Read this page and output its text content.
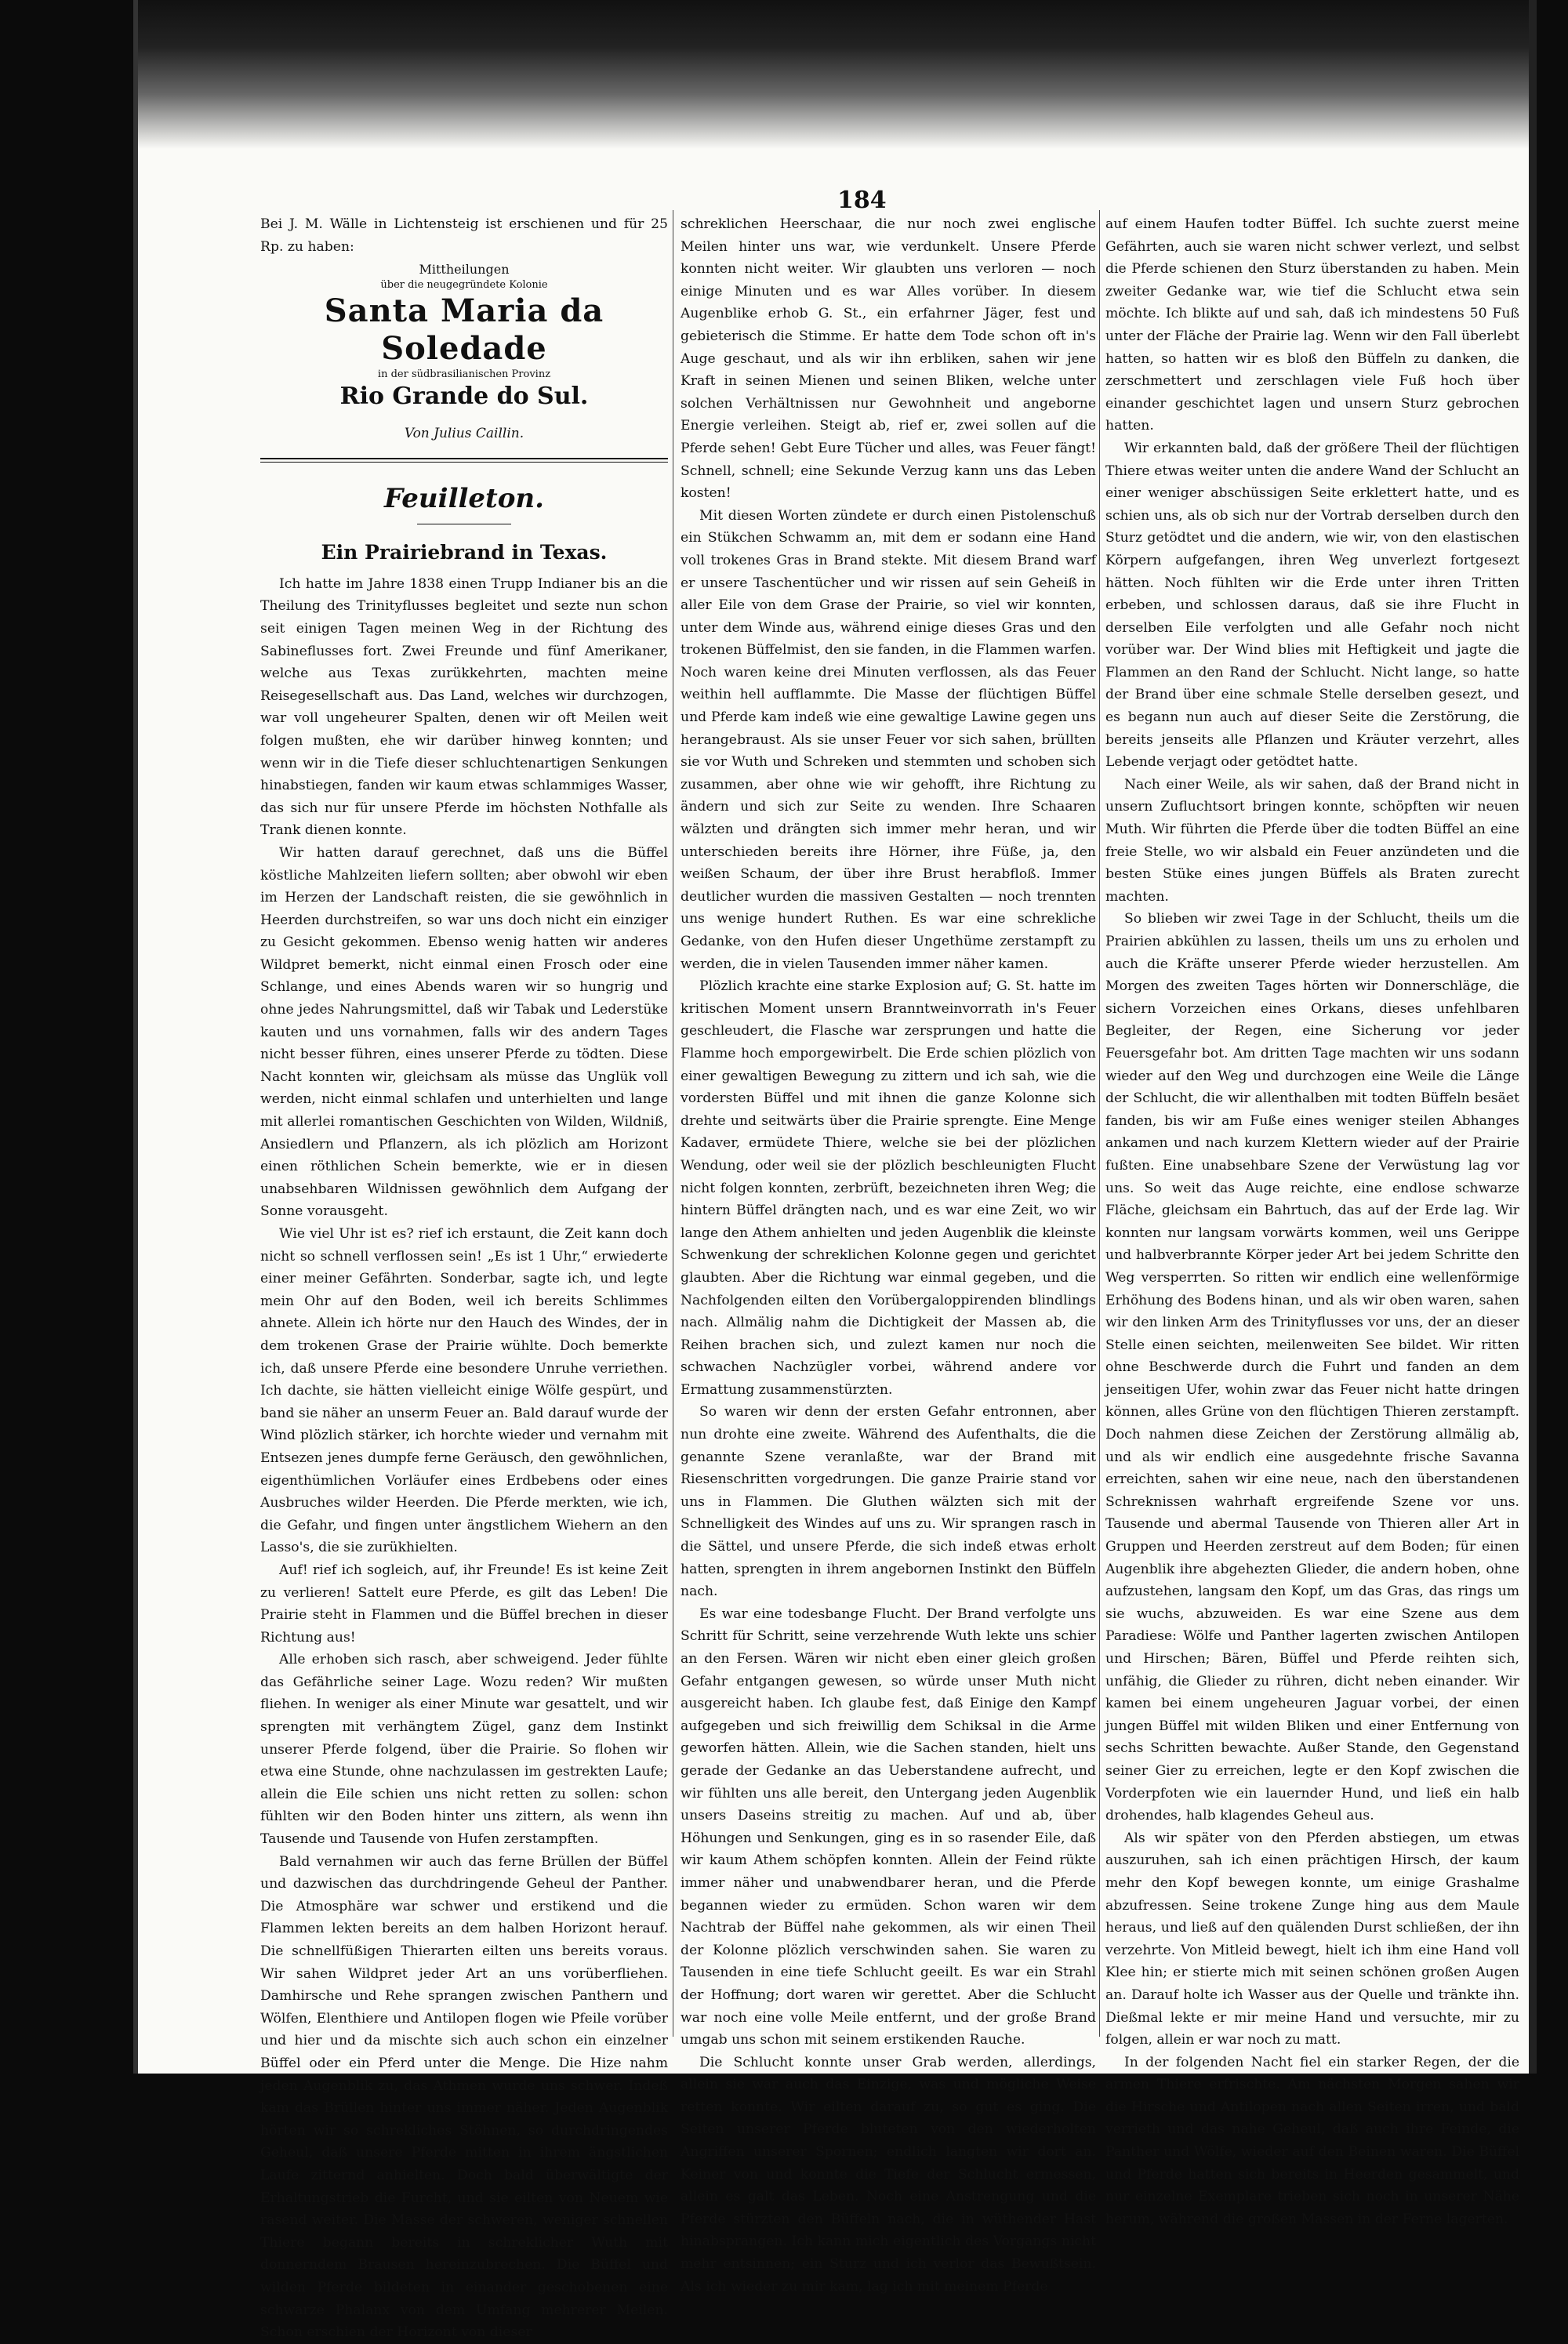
184

Bei J. M. Wälle in Lichtensteig ist erschienen und für 25 Rp. zu haben:

Mittheilungen
über die neugegründete Kolonie
Santa Maria da Soledade
in der südbrasilianischen Provinz
Rio Grande do Sul.
Von Julius Caillin.
Feuilleton.
Ein Prairiebrand in Texas.

Ich hatte im Jahre 1838 einen Trupp Indianer bis an die Theilung des Trinityflusses begleitet und sezte nun schon seit einigen Tagen meinen Weg in der Richtung des Sabineflusses fort. Zwei Freunde und fünf Amerikaner, welche aus Texas zurükkehrten, machten meine Reisegesellschaft aus. Das Land, welches wir durchzogen, war voll ungeheurer Spalten, denen wir oft Meilen weit folgen mußten, ehe wir darüber hinweg konnten; und wenn wir in die Tiefe dieser schluchtenartigen Senkungen hinabstiegen, fanden wir kaum etwas schlammiges Wasser, das sich nur für unsere Pferde im höchsten Nothfalle als Trank dienen konnte.

Wir hatten darauf gerechnet, daß uns die Büffel köstliche Mahlzeiten liefern sollten; aber obwohl wir eben im Herzen der Landschaft reisten, die sie gewöhnlich in Heerden durchstreifen, so war uns doch nicht ein einziger zu Gesicht gekommen. Ebenso wenig hatten wir anderes Wildpret bemerkt, nicht einmal einen Frosch oder eine Schlange, und eines Abends waren wir so hungrig und ohne jedes Nahrungsmittel, daß wir Tabak und Lederstüke kauten und uns vornahmen, falls wir des andern Tages nicht besser führen, eines unserer Pferde zu tödten. Diese Nacht konnten wir, gleichsam als müsse das Unglük voll werden, nicht einmal schlafen und unterhielten und lange mit allerlei romantischen Geschichten von Wilden, Wildniß, Ansiedlern und Pflanzern, als ich plözlich am Horizont einen röthlichen Schein bemerkte, wie er in diesen unabsehbaren Wildnissen gewöhnlich dem Aufgang der Sonne vorausgeht.

Wie viel Uhr ist es? rief ich erstaunt, die Zeit kann doch nicht so schnell verflossen sein! „Es ist 1 Uhr,“ erwiederte einer meiner Gefährten. Sonderbar, sagte ich, und legte mein Ohr auf den Boden, weil ich bereits Schlimmes ahnete. Allein ich hörte nur den Hauch des Windes, der in dem trokenen Grase der Prairie wühlte. Doch bemerkte ich, daß unsere Pferde eine besondere Unruhe verriethen. Ich dachte, sie hätten vielleicht einige Wölfe gespürt, und band sie näher an unserm Feuer an. Bald darauf wurde der Wind plözlich stärker, ich horchte wieder und vernahm mit Entsezen jenes dumpfe ferne Geräusch, den gewöhnlichen, eigenthümlichen Vorläufer eines Erdbebens oder eines Ausbruches wilder Heerden. Die Pferde merkten, wie ich, die Gefahr, und fingen unter ängstlichem Wiehern an den Lasso's, die sie zurükhielten.

Auf! rief ich sogleich, auf, ihr Freunde! Es ist keine Zeit zu verlieren! Sattelt eure Pferde, es gilt das Leben! Die Prairie steht in Flammen und die Büffel brechen in dieser Richtung aus!

Alle erhoben sich rasch, aber schweigend. Jeder fühlte das Gefährliche seiner Lage. Wozu reden? Wir mußten fliehen. In weniger als einer Minute war gesattelt, und wir sprengten mit verhängtem Zügel, ganz dem Instinkt unserer Pferde folgend, über die Prairie. So flohen wir etwa eine Stunde, ohne nachzulassen im gestrekten Laufe; allein die Eile schien uns nicht retten zu sollen: schon fühlten wir den Boden hinter uns zittern, als wenn ihn Tausende und Tausende von Hufen zerstampften.

Bald vernahmen wir auch das ferne Brüllen der Büffel und dazwischen das durchdringende Geheul der Panther. Die Atmosphäre war schwer und erstikend und die Flammen lekten bereits an dem halben Horizont herauf. Die schnellfüßigen Thierarten eilten uns bereits voraus. Wir sahen Wildpret jeder Art an uns vorüberfliehen. Damhirsche und Rehe sprangen zwischen Panthern und Wölfen, Elenthiere und Antilopen flogen wie Pfeile vorüber und hier und da mischte sich auch schon ein einzelner Büffel oder ein Pferd unter die Menge. Die Hize nahm jeden Augenblik zu, das Athmen wurde uns schwer. Indeß kam das Brüllen hinter uns immer näher. Jeden Augenblik hörten wir so schrekliches Stöhnen, so durchdringendes Geheul, daß unsere Pferde mitten in ihrem ängstlichen Laufe zitternd anhielten. Doch bald überwältigte der Erhaltungstrieb die Furcht, und sie eilten von Neuem wie rasend weiter. Die Masse der schweren, weniger schnellen Thiere begann bereits in schreklicher Wuth mit donnerndem Brausen hereinzubrechen. Die Büffel und wilden Pferde bildeten in einander geschobenen eine schwarze Phalanx von dem Umfang mehrerer Meilen. Schon erschien der Horizont von dieser

schreklichen Heerschaar, die nur noch zwei englische Meilen hinter uns war, wie verdunkelt. Unsere Pferde konnten nicht weiter. Wir glaubten uns verloren — noch einige Minuten und es war Alles vorüber. In diesem Augenblike erhob G. St., ein erfahrner Jäger, fest und gebieterisch die Stimme. Er hatte dem Tode schon oft in's Auge geschaut, und als wir ihn erbliken, sahen wir jene Kraft in seinen Mienen und seinen Bliken, welche unter solchen Verhältnissen nur Gewohnheit und angeborne Energie verleihen. Steigt ab, rief er, zwei sollen auf die Pferde sehen! Gebt Eure Tücher und alles, was Feuer fängt! Schnell, schnell; eine Sekunde Verzug kann uns das Leben kosten!

Mit diesen Worten zündete er durch einen Pistolenschuß ein Stükchen Schwamm an, mit dem er sodann eine Hand voll trokenes Gras in Brand stekte. Mit diesem Brand warf er unsere Taschentücher und wir rissen auf sein Geheiß in aller Eile von dem Grase der Prairie, so viel wir konnten, unter dem Winde aus, während einige dieses Gras und den trokenen Büffelmist, den sie fanden, in die Flammen warfen. Noch waren keine drei Minuten verflossen, als das Feuer weithin hell aufflammte. Die Masse der flüchtigen Büffel und Pferde kam indeß wie eine gewaltige Lawine gegen uns herangebraust. Als sie unser Feuer vor sich sahen, brüllten sie vor Wuth und Schreken und stemmten und schoben sich zusammen, aber ohne wie wir gehofft, ihre Richtung zu ändern und sich zur Seite zu wenden. Ihre Schaaren wälzten und drängten sich immer mehr heran, und wir unterschieden bereits ihre Hörner, ihre Füße, ja, den weißen Schaum, der über ihre Brust herabfloß. Immer deutlicher wurden die massiven Gestalten — noch trennten uns wenige hundert Ruthen. Es war eine schrekliche Gedanke, von den Hufen dieser Ungethüme zerstampft zu werden, die in vielen Tausenden immer näher kamen.

Plözlich krachte eine starke Explosion auf; G. St. hatte im kritischen Moment unsern Branntweinvorrath in's Feuer geschleudert, die Flasche war zersprungen und hatte die Flamme hoch emporgewirbelt. Die Erde schien plözlich von einer gewaltigen Bewegung zu zittern und ich sah, wie die vordersten Büffel und mit ihnen die ganze Kolonne sich drehte und seitwärts über die Prairie sprengte. Eine Menge Kadaver, ermüdete Thiere, welche sie bei der plözlichen Wendung, oder weil sie der plözlich beschleunigten Flucht nicht folgen konnten, zerbrüft, bezeichneten ihren Weg; die hintern Büffel drängten nach, und es war eine Zeit, wo wir lange den Athem anhielten und jeden Augenblik die kleinste Schwenkung der schreklichen Kolonne gegen und gerichtet glaubten. Aber die Richtung war einmal gegeben, und die Nachfolgenden eilten den Vorübergaloppirenden blindlings nach. Allmälig nahm die Dichtigkeit der Massen ab, die Reihen brachen sich, und zulezt kamen nur noch die schwachen Nachzügler vorbei, während andere vor Ermattung zusammenstürzten.

So waren wir denn der ersten Gefahr entronnen, aber nun drohte eine zweite. Während des Aufenthalts, die die genannte Szene veranlaßte, war der Brand mit Riesenschritten vorgedrungen. Die ganze Prairie stand vor uns in Flammen. Die Gluthen wälzten sich mit der Schnelligkeit des Windes auf uns zu. Wir sprangen rasch in die Sättel, und unsere Pferde, die sich indeß etwas erholt hatten, sprengten in ihrem angebornen Instinkt den Büffeln nach.

Es war eine todesbange Flucht. Der Brand verfolgte uns Schritt für Schritt, seine verzehrende Wuth lekte uns schier an den Fersen. Wären wir nicht eben einer gleich großen Gefahr entgangen gewesen, so würde unser Muth nicht ausgereicht haben. Ich glaube fest, daß Einige den Kampf aufgegeben und sich freiwillig dem Schiksal in die Arme geworfen hätten. Allein, wie die Sachen standen, hielt uns gerade der Gedanke an das Ueberstandene aufrecht, und wir fühlten uns alle bereit, den Untergang jeden Augenblik unsers Daseins streitig zu machen. Auf und ab, über Höhungen und Senkungen, ging es in so rasender Eile, daß wir kaum Athem schöpfen konnten. Allein der Feind rükte immer näher und unabwendbarer heran, und die Pferde begannen wieder zu ermüden. Schon waren wir dem Nachtrab der Büffel nahe gekommen, als wir einen Theil der Kolonne plözlich verschwinden sahen. Sie waren zu Tausenden in eine tiefe Schlucht geeilt. Es war ein Strahl der Hoffnung; dort waren wir gerettet. Aber die Schlucht war noch eine volle Meile entfernt, und der große Brand umgab uns schon mit seinem erstikenden Rauche.

Die Schlucht konnte unser Grab werden, allerdings, allein sie war auch das Einzige, was und mögliche Weise retten konnte. Wir eilten darauf zu, so gut es ging. Die Seiten unserer Pferde bluteten von den wiederholten Angriffen unserer Spornen; endlich langten wir dort an. Keiner von und konnte die Tiefe der Schlucht ermessen, allein es galt das Leben. Noch eine Anstrengung und die Pferde stürzten den Büffeln nach, die in wüthender Hast hinabsprangen. Ich kann mich eigentlich des Vorgangs nicht mehr entsinnen; ein Sturz und ich verlor das Bewußtsein. Als ich wieder zu mir kam, lag ich mit meinem Pferde

auf einem Haufen todter Büffel. Ich suchte zuerst meine Gefährten, auch sie waren nicht schwer verlezt, und selbst die Pferde schienen den Sturz überstanden zu haben. Mein zweiter Gedanke war, wie tief die Schlucht etwa sein möchte. Ich blikte auf und sah, daß ich mindestens 50 Fuß unter der Fläche der Prairie lag. Wenn wir den Fall überlebt hatten, so hatten wir es bloß den Büffeln zu danken, die zerschmettert und zerschlagen viele Fuß hoch über einander geschichtet lagen und unsern Sturz gebrochen hatten.

Wir erkannten bald, daß der größere Theil der flüchtigen Thiere etwas weiter unten die andere Wand der Schlucht an einer weniger abschüssigen Seite erklettert hatte, und es schien uns, als ob sich nur der Vortrab derselben durch den Sturz getödtet und die andern, wie wir, von den elastischen Körpern aufgefangen, ihren Weg unverlezt fortgesezt hätten. Noch fühlten wir die Erde unter ihren Tritten erbeben, und schlossen daraus, daß sie ihre Flucht in derselben Eile verfolgten und alle Gefahr noch nicht vorüber war. Der Wind blies mit Heftigkeit und jagte die Flammen an den Rand der Schlucht. Nicht lange, so hatte der Brand über eine schmale Stelle derselben gesezt, und es begann nun auch auf dieser Seite die Zerstörung, die bereits jenseits alle Pflanzen und Kräuter verzehrt, alles Lebende verjagt oder getödtet hatte.

Nach einer Weile, als wir sahen, daß der Brand nicht in unsern Zufluchtsort bringen konnte, schöpften wir neuen Muth. Wir führten die Pferde über die todten Büffel an eine freie Stelle, wo wir alsbald ein Feuer anzündeten und die besten Stüke eines jungen Büffels als Braten zurecht machten.

So blieben wir zwei Tage in der Schlucht, theils um die Prairien abkühlen zu lassen, theils um uns zu erholen und auch die Kräfte unserer Pferde wieder herzustellen. Am Morgen des zweiten Tages hörten wir Donnerschläge, die sichern Vorzeichen eines Orkans, dieses unfehlbaren Begleiter, der Regen, eine Sicherung vor jeder Feuersgefahr bot. Am dritten Tage machten wir uns sodann wieder auf den Weg und durchzogen eine Weile die Länge der Schlucht, die wir allenthalben mit todten Büffeln besäet fanden, bis wir am Fuße eines weniger steilen Abhanges ankamen und nach kurzem Klettern wieder auf der Prairie fußten. Eine unabsehbare Szene der Verwüstung lag vor uns. So weit das Auge reichte, eine endlose schwarze Fläche, gleichsam ein Bahrtuch, das auf der Erde lag. Wir konnten nur langsam vorwärts kommen, weil uns Gerippe und halbverbrannte Körper jeder Art bei jedem Schritte den Weg versperrten. So ritten wir endlich eine wellenförmige Erhöhung des Bodens hinan, und als wir oben waren, sahen wir den linken Arm des Trinityflusses vor uns, der an dieser Stelle einen seichten, meilenweiten See bildet. Wir ritten ohne Beschwerde durch die Fuhrt und fanden an dem jenseitigen Ufer, wohin zwar das Feuer nicht hatte dringen können, alles Grüne von den flüchtigen Thieren zerstampft. Doch nahmen diese Zeichen der Zerstörung allmälig ab, und als wir endlich eine ausgedehnte frische Savanna erreichten, sahen wir eine neue, nach den überstandenen Schreknissen wahrhaft ergreifende Szene vor uns. Tausende und abermal Tausende von Thieren aller Art in Gruppen und Heerden zerstreut auf dem Boden; für einen Augenblik ihre abgehezten Glieder, die andern hoben, ohne aufzustehen, langsam den Kopf, um das Gras, das rings um sie wuchs, abzuweiden. Es war eine Szene aus dem Paradiese: Wölfe und Panther lagerten zwischen Antilopen und Hirschen; Bären, Büffel und Pferde reihten sich, unfähig, die Glieder zu rühren, dicht neben einander. Wir kamen bei einem ungeheuren Jaguar vorbei, der einen jungen Büffel mit wilden Bliken und einer Entfernung von sechs Schritten bewachte. Außer Stande, den Gegenstand seiner Gier zu erreichen, legte er den Kopf zwischen die Vorderpfoten wie ein lauernder Hund, und ließ ein halb drohendes, halb klagendes Geheul aus.

Als wir später von den Pferden abstiegen, um etwas auszuruhen, sah ich einen prächtigen Hirsch, der kaum mehr den Kopf bewegen konnte, um einige Grashalme abzufressen. Seine trokene Zunge hing aus dem Maule heraus, und ließ auf den quälenden Durst schließen, der ihn verzehrte. Von Mitleid bewegt, hielt ich ihm eine Hand voll Klee hin; er stierte mich mit seinen schönen großen Augen an. Darauf holte ich Wasser aus der Quelle und tränkte ihn. Dießmal lekte er mir meine Hand und versuchte, mir zu folgen, allein er war noch zu matt.

In der folgenden Nacht fiel ein starker Regen, der die armen Thiere erfrischte. Am nächsten Morgen sahen wir die Hirsche und Antilopen nach allen Seiten irren, und bald verrieth und das nahe Geheul, daß auch ihre Feinde, die Panther und Wölfe, wieder auf den Beinen waren. Die Büffel und Pferde hatten sich bereits in Heerden gesammelt, und nur einzelne Exemplare trieben sich noch in unserer Nähe herum, während die großen Massen in der Ferne lagerten.
